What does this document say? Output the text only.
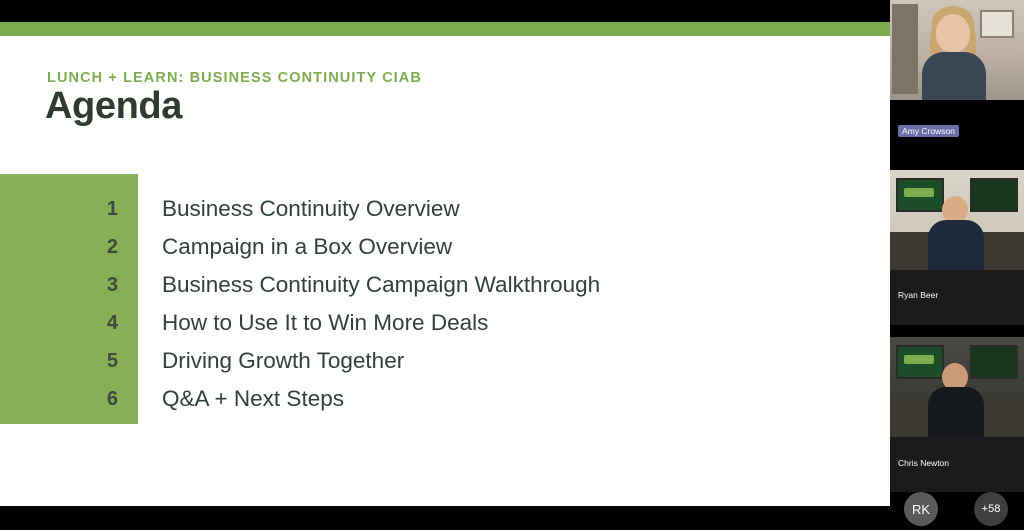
LUNCH + LEARN: BUSINESS CONTINUITY CIAB
Agenda
1 Business Continuity Overview
2 Campaign in a Box Overview
3 Business Continuity Campaign Walkthrough
4 How to Use It to Win More Deals
5 Driving Growth Together
6 Q&A + Next Steps
Amy Crowson
Ryan Beer
Chris Newton
RK	+58
